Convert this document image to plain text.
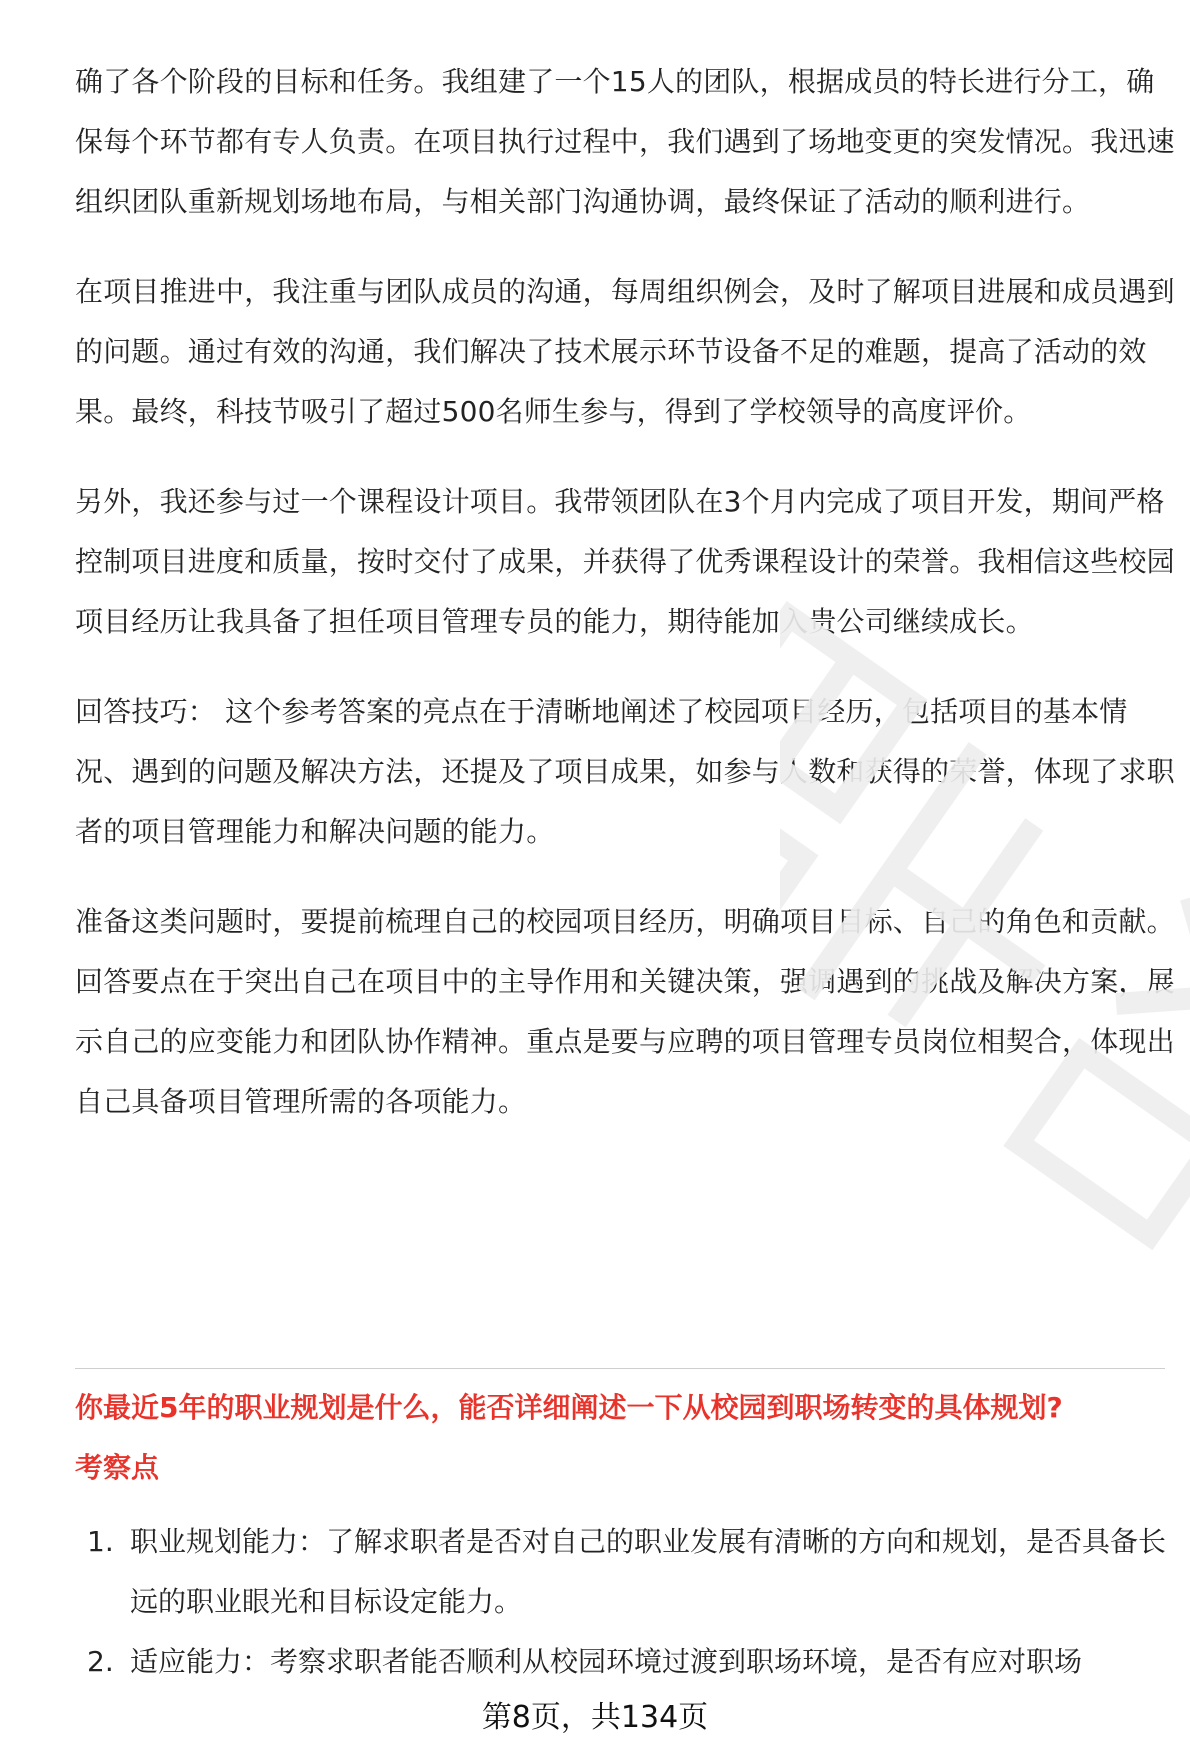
确了各个阶段的目标和任务。我组建了一个15人的团队，根据成员的特长进行分工，确保每个环节都有专人负责。在项目执行过程中，我们遇到了场地变更的突发情况。我迅速组织团队重新规划场地布局，与相关部门沟通协调，最终保证了活动的顺利进行。

在项目推进中，我注重与团队成员的沟通，每周组织例会，及时了解项目进展和成员遇到的问题。通过有效的沟通，我们解决了技术展示环节设备不足的难题，提高了活动的效果。最终，科技节吸引了超过500名师生参与，得到了学校领导的高度评价。

另外，我还参与过一个课程设计项目。我带领团队在3个月内完成了项目开发，期间严格控制项目进度和质量，按时交付了成果，并获得了优秀课程设计的荣誉。我相信这些校园项目经历让我具备了担任项目管理专员的能力，期待能加入贵公司继续成长。

回答技巧： 这个参考答案的亮点在于清晰地阐述了校园项目经历，包括项目的基本情况、遇到的问题及解决方法，还提及了项目成果，如参与人数和获得的荣誉，体现了求职者的项目管理能力和解决问题的能力。

准备这类问题时，要提前梳理自己的校园项目经历，明确项目目标、自己的角色和贡献。回答要点在于突出自己在项目中的主导作用和关键决策，强调遇到的挑战及解决方案，展示自己的应变能力和团队协作精神。重点是要与应聘的项目管理专员岗位相契合，体现出自己具备项目管理所需的各项能力。

你最近5年的职业规划是什么，能否详细阐述一下从校园到职场转变的具体规划?
考察点
1. 职业规划能力：了解求职者是否对自己的职业发展有清晰的方向和规划，是否具备长远的职业眼光和目标设定能力。
2. 适应能力：考察求职者能否顺利从校园环境过渡到职场环境，是否有应对职场
第8页，共134页
